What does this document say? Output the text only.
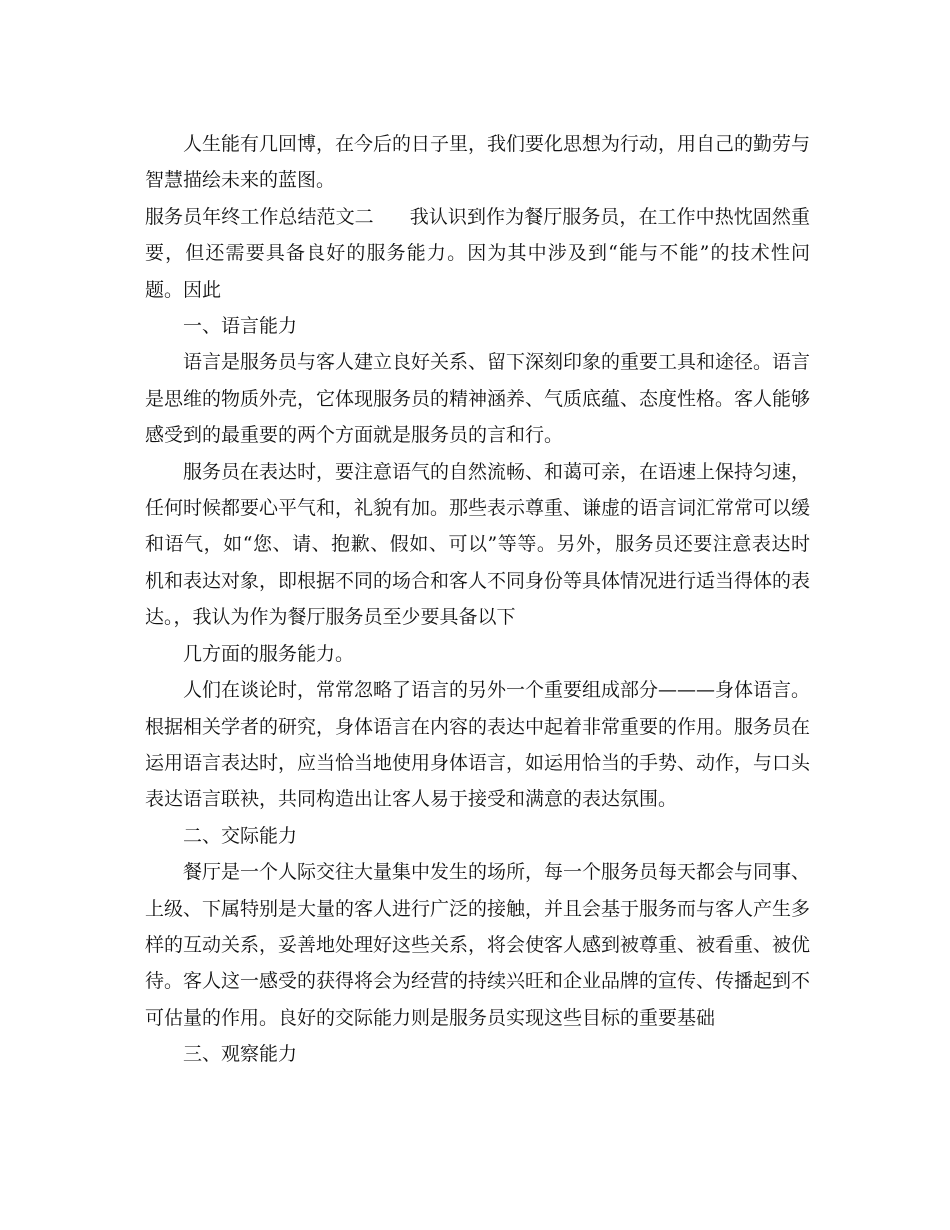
人生能有几回博，在今后的日子里，我们要化思想为行动，用自己的勤劳与智慧描绘未来的蓝图。

服务员年终工作总结范文二 我认识到作为餐厅服务员，在工作中热忱固然重要，但还需要具备良好的服务能力。因为其中涉及到“能与不能”的技术性问题。因此

一、语言能力

语言是服务员与客人建立良好关系、留下深刻印象的重要工具和途径。语言是思维的物质外壳，它体现服务员的精神涵养、气质底蕴、态度性格。客人能够感受到的最重要的两个方面就是服务员的言和行。

服务员在表达时，要注意语气的自然流畅、和蔼可亲，在语速上保持匀速，任何时候都要心平气和，礼貌有加。那些表示尊重、谦虚的语言词汇常常可以缓和语气，如“您、请、抱歉、假如、可以”等等。另外，服务员还要注意表达时机和表达对象，即根据不同的场合和客人不同身份等具体情况进行适当得体的表达。，我认为作为餐厅服务员至少要具备以下

几方面的服务能力。

人们在谈论时，常常忽略了语言的另外一个重要组成部分———身体语言。根据相关学者的研究，身体语言在内容的表达中起着非常重要的作用。服务员在运用语言表达时，应当恰当地使用身体语言，如运用恰当的手势、动作，与口头表达语言联袂，共同构造出让客人易于接受和满意的表达氛围。

二、交际能力

餐厅是一个人际交往大量集中发生的场所，每一个服务员每天都会与同事、上级、下属特别是大量的客人进行广泛的接触，并且会基于服务而与客人产生多样的互动关系，妥善地处理好这些关系，将会使客人感到被尊重、被看重、被优待。客人这一感受的获得将会为经营的持续兴旺和企业品牌的宣传、传播起到不可估量的作用。良好的交际能力则是服务员实现这些目标的重要基础

三、观察能力
